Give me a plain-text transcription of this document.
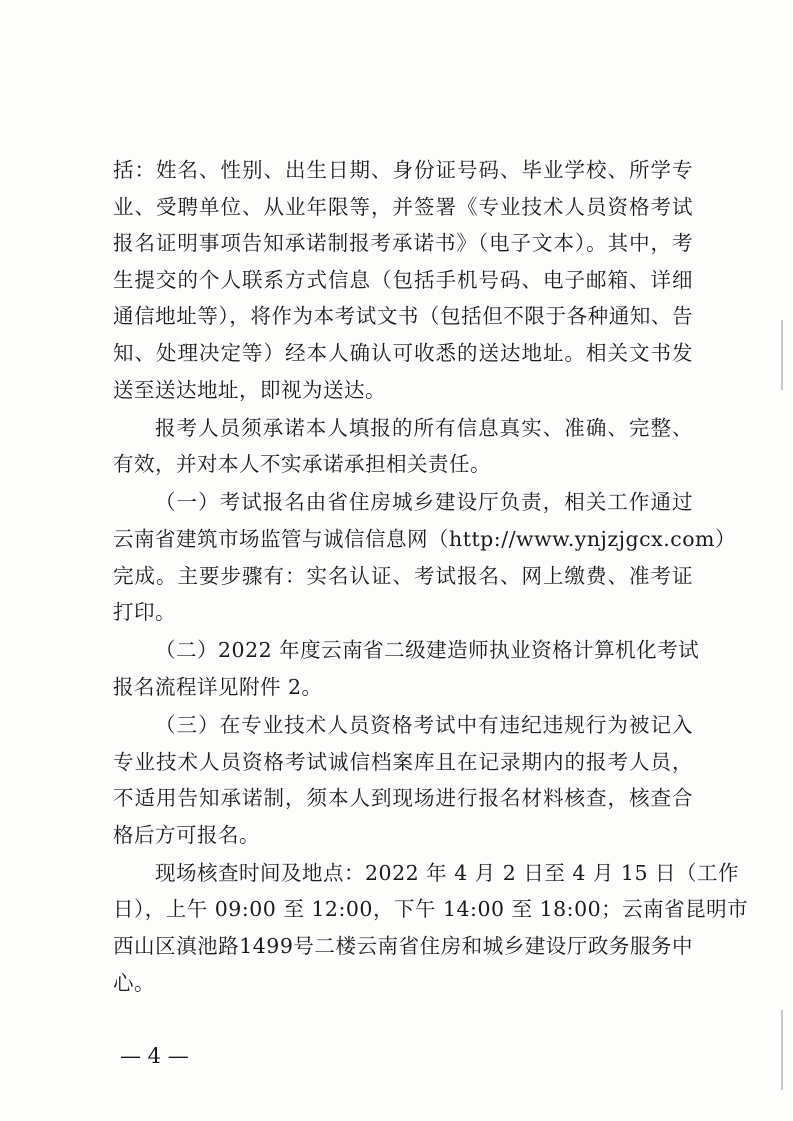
括：姓名、性别、出生日期、身份证号码、毕业学校、所学专
业、受聘单位、从业年限等，并签署《专业技术人员资格考试
报名证明事项告知承诺制报考承诺书》（电子文本）。其中，考
生提交的个人联系方式信息（包括手机号码、电子邮箱、详细
通信地址等），将作为本考试文书（包括但不限于各种通知、告
知、处理决定等）经本人确认可收悉的送达地址。相关文书发
送至送达地址，即视为送达。
报考人员须承诺本人填报的所有信息真实、准确、完整、
有效，并对本人不实承诺承担相关责任。
（一）考试报名由省住房城乡建设厅负责，相关工作通过
云南省建筑市场监管与诚信信息网（http://www.ynjzjgcx.com）
完成。主要步骤有：实名认证、考试报名、网上缴费、准考证
打印。
（二）2022 年度云南省二级建造师执业资格计算机化考试
报名流程详见附件 2。
（三）在专业技术人员资格考试中有违纪违规行为被记入
专业技术人员资格考试诚信档案库且在记录期内的报考人员，
不适用告知承诺制，须本人到现场进行报名材料核查，核查合
格后方可报名。
现场核查时间及地点：2022 年 4 月 2 日至 4 月 15 日（工作
日），上午 09:00 至 12:00，下午 14:00 至 18:00；云南省昆明市
西山区滇池路1499号二楼云南省住房和城乡建设厅政务服务中
心。
— 4 —
